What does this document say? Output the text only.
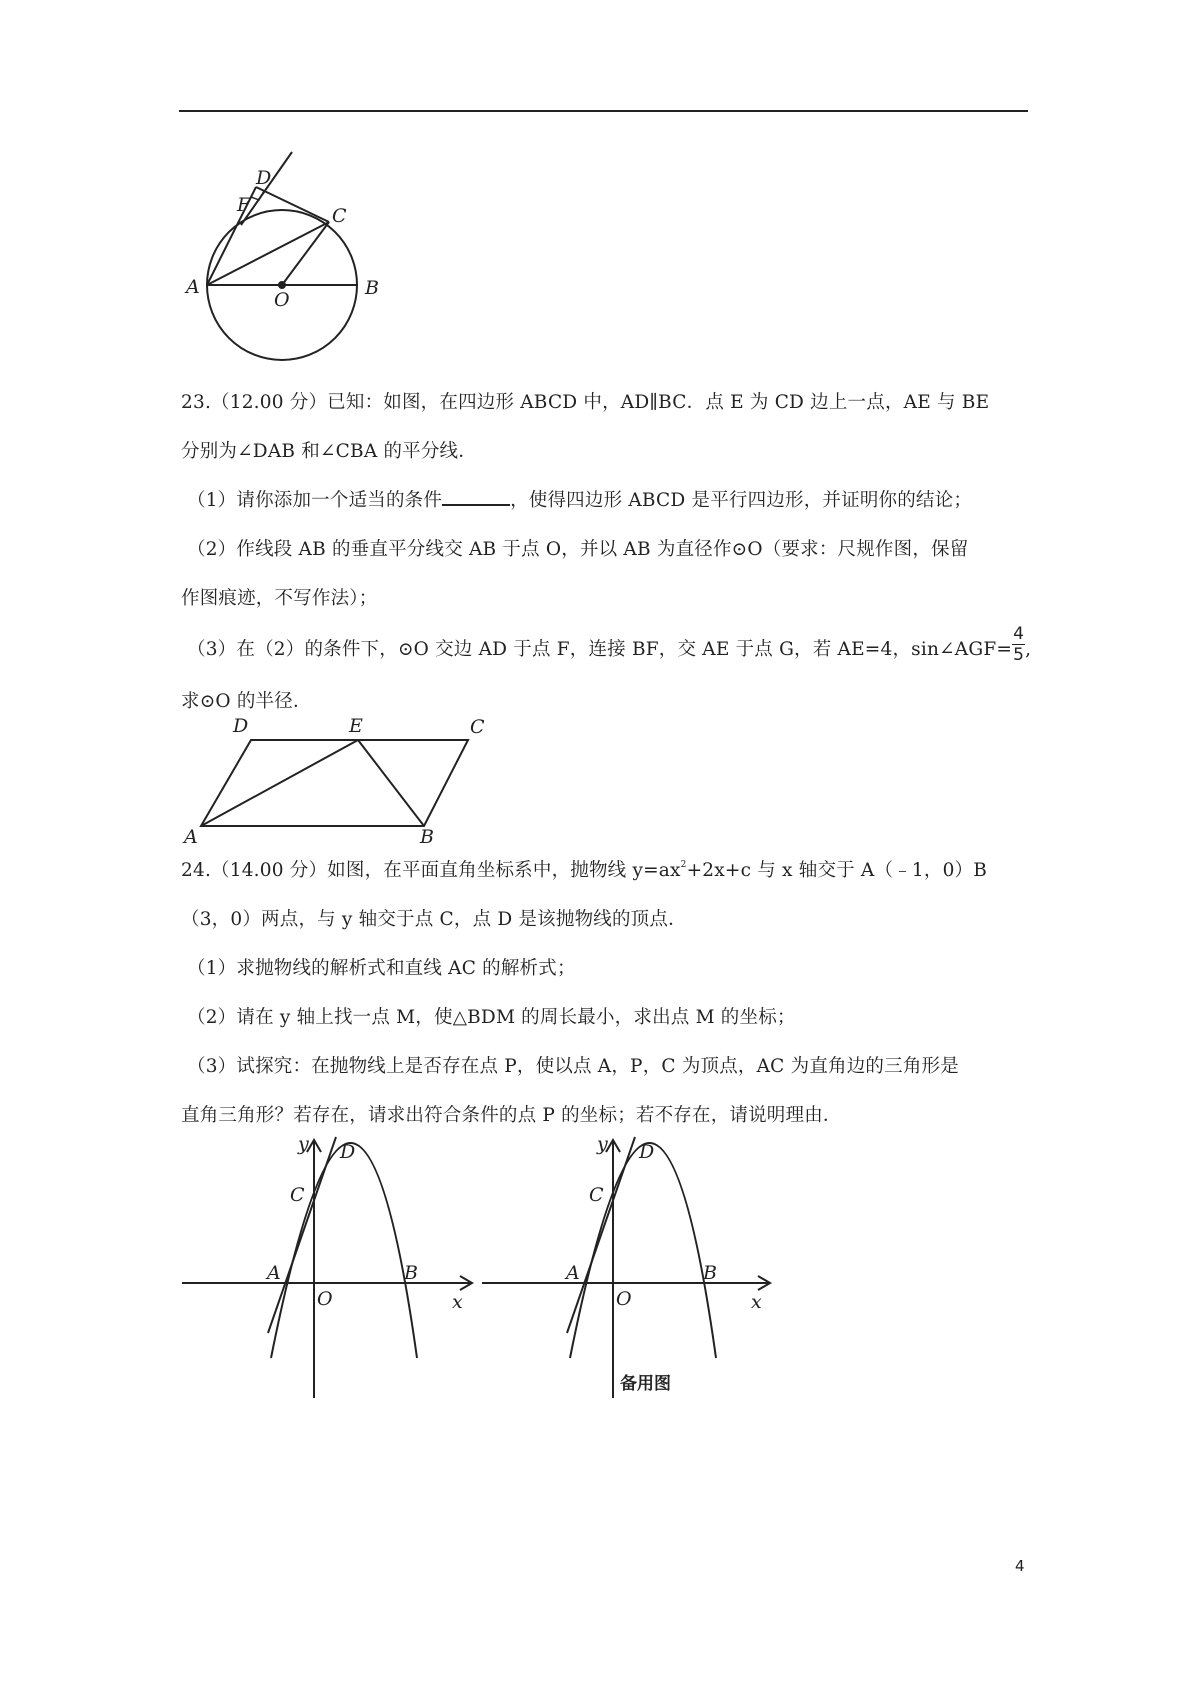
D
F	C
A
O
B
23.（12.00 分）已知：如图，在四边形 ABCD 中，AD∥BC．点 E 为 CD 边上一点，AE 与 BE
分别为∠DAB 和∠CBA 的平分线．
（1）请你添加一个适当的条件	，使得四边形 ABCD 是平行四边形，并证明你的结论；
（2）作线段 AB 的垂直平分线交 AB 于点 O，并以 AB 为直径作⊙O（要求：尺规作图，保留
作图痕迹，不写作法）；
（3）在（2）的条件下，⊙O 交边 AD 于点 F，连接 BF，交 AE 于点 G，若 AE=4，sin∠AGF= $\frac{4}{5}$ ,
求⊙O 的半径．
D	E	C
A	B
24.（14.00 分）如图，在平面直角坐标系中，抛物线 $y=ax^2+2x+c$ 与 x 轴交于 A（﹣1，0）B
（3，0）两点，与 y 轴交于点 C，点 D 是该抛物线的顶点．
（1）求抛物线的解析式和直线 AC 的解析式；
（2）请在 y 轴上找一点 M，使△BDM 的周长最小，求出点 M 的坐标；
（3）试探究：在抛物线上是否存在点 P，使以点 A，P，C 为顶点，AC 为直角边的三角形是
直角三角形？若存在，请求出符合条件的点 P 的坐标；若不存在，请说明理由．
y D
C
A
O
B
x
y D
C
A
O
B
x
备用图
4
